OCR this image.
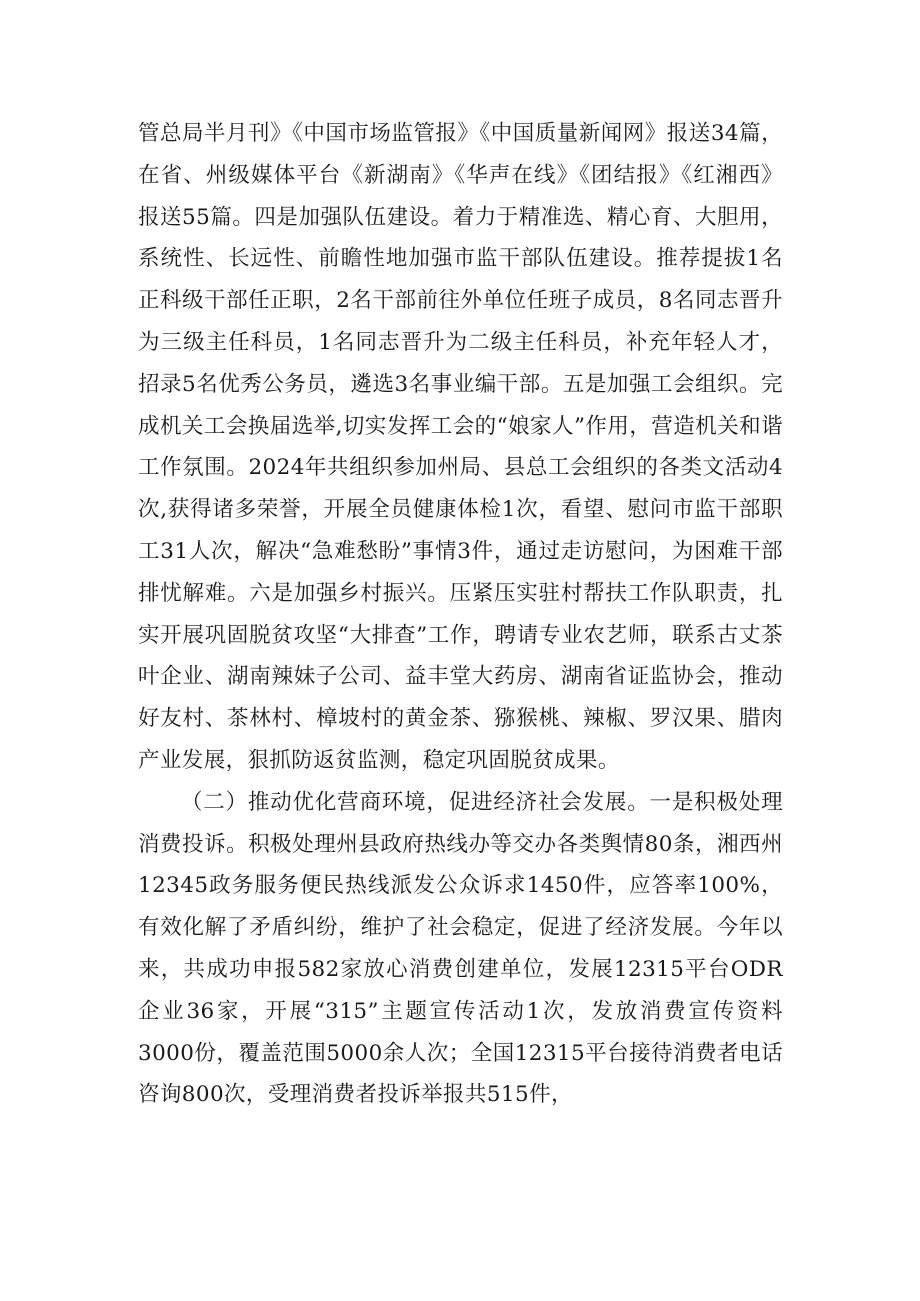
管总局半月刊》《中国市场监管报》《中国质量新闻网》报送34篇，在省、州级媒体平台《新湖南》《华声在线》《团结报》《红湘西》报送55篇。四是加强队伍建设。着力于精准选、精心育、大胆用，系统性、长远性、前瞻性地加强市监干部队伍建设。推荐提拔1名正科级干部任正职，2名干部前往外单位任班子成员，8名同志晋升为三级主任科员，1名同志晋升为二级主任科员，补充年轻人才，招录5名优秀公务员，遴选3名事业编干部。五是加强工会组织。完成机关工会换届选举,切实发挥工会的“娘家人”作用，营造机关和谐工作氛围。2024年共组织参加州局、县总工会组织的各类文活动4次,获得诸多荣誉，开展全员健康体检1次，看望、慰问市监干部职工31人次，解决“急难愁盼”事情3件，通过走访慰问，为困难干部排忧解难。六是加强乡村振兴。压紧压实驻村帮扶工作队职责，扎实开展巩固脱贫攻坚“大排查”工作，聘请专业农艺师，联系古丈茶叶企业、湖南辣妹子公司、益丰堂大药房、湖南省证监协会，推动好友村、茶林村、樟坡村的黄金茶、猕猴桃、辣椒、罗汉果、腊肉产业发展，狠抓防返贫监测，稳定巩固脱贫成果。

（二）推动优化营商环境，促进经济社会发展。一是积极处理消费投诉。积极处理州县政府热线办等交办各类舆情80条，湘西州12345政务服务便民热线派发公众诉求1450件，应答率100%，有效化解了矛盾纠纷，维护了社会稳定，促进了经济发展。今年以来，共成功申报582家放心消费创建单位，发展12315平台ODR企业36家，开展“315”主题宣传活动1次，发放消费宣传资料3000份，覆盖范围5000余人次；全国12315平台接待消费者电话咨询800次，受理消费者投诉举报共515件，
